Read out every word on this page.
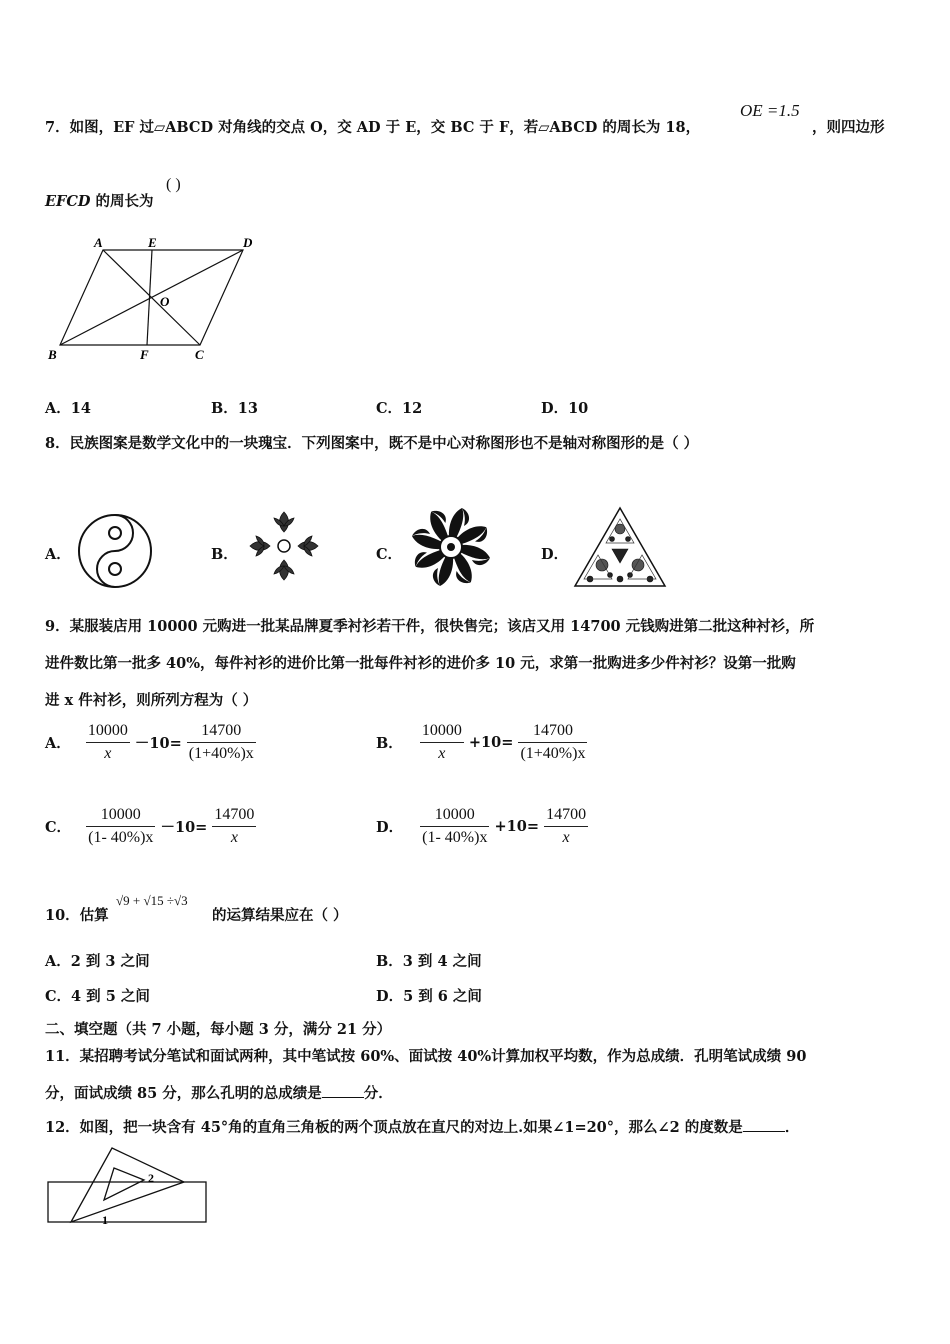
7．如图，EF 过▱ABCD 对角线的交点 O，交 AD 于 E，交 BC 于 F，若▱ABCD 的周长为 18，
OE =1.5
，则四边形
EFCD 的周长为
( )
A	E	D
O
B	F	C
A．14	B．13	C．12	D．10
8．民族图案是数学文化中的一块瑰宝．下列图案中，既不是中心对称图形也不是轴对称图形的是（ ）
A．	B．	C．	D．
9．某服装店用 10000 元购进一批某品牌夏季衬衫若干件，很快售完；该店又用 14700 元钱购进第二批这种衬衫，所
进件数比第一批多 40%，每件衬衫的进价比第一批每件衬衫的进价多 10 元，求第一批购进多少件衬衫？设第一批购
进 x 件衬衫，则所列方程为（ ）
A． $\frac{10000}{x} -10= \frac{14700}{(1+40\%)x}$	B． $\frac{10000}{x} +10= \frac{14700}{(1+40\%)x}$
C． $\frac{10000}{(1- 40\%)x} -10= \frac{14700}{x}$	D． $\frac{10000}{(1- 40\%)x} +10= \frac{14700}{x}$
10．估算
√9 + √15 ÷√3
的运算结果应在（ ）
A．2 到 3 之间	B．3 到 4 之间
C．4 到 5 之间	D．5 到 6 之间
二、填空题（共 7 小题，每小题 3 分，满分 21 分）
11．某招聘考试分笔试和面试两种，其中笔试按 60%、面试按 40%计算加权平均数，作为总成绩．孔明笔试成绩 90
分，面试成绩 85 分，那么孔明的总成绩是	分．
12．如图，把一块含有 45°角的直角三角板的两个顶点放在直尺的对边上.如果∠1=20°，那么∠2 的度数是	．
2
1
